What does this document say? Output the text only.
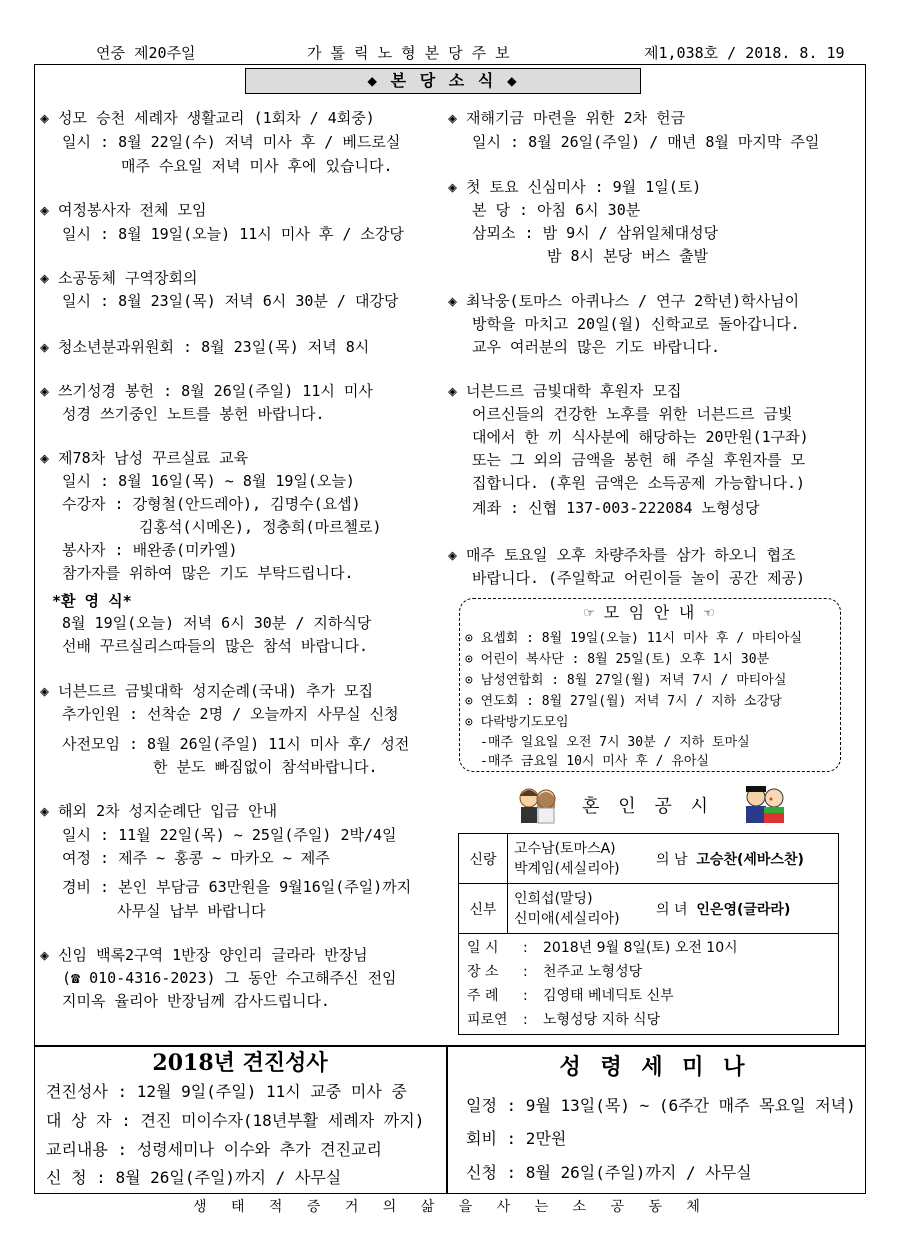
연중 제20주일	가 톨 릭 노 형 본 당 주 보	제1,038호 / 2018. 8. 19
◆ 본 당 소 식 ◆
◈ 성모 승천 세례자 생활교리 (1회차 / 4회중)
일시 : 8월 22일(수) 저녁 미사 후 / 베드로실
매주 수요일 저녁 미사 후에 있습니다.
◈ 여정봉사자 전체 모임
일시 : 8월 19일(오늘) 11시 미사 후 / 소강당
◈ 소공동체 구역장회의
일시 : 8월 23일(목) 저녁 6시 30분 / 대강당
◈ 청소년분과위원회 : 8월 23일(목) 저녁 8시
◈ 쓰기성경 봉헌 : 8월 26일(주일) 11시 미사
성경 쓰기중인 노트를 봉헌 바랍니다.
◈ 제78차 남성 꾸르실료 교육
일시 : 8월 16일(목) ~ 8월 19일(오늘)
수강자 : 강형철(안드레아), 김명수(요셉)
김홍석(시메온), 정충희(마르첼로)
봉사자 : 배완종(미카엘)
참가자를 위하여 많은 기도 부탁드립니다.
*환 영 식*
8월 19일(오늘) 저녁 6시 30분 / 지하식당
선배 꾸르실리스따들의 많은 참석 바랍니다.
◈ 너븐드르 금빛대학 성지순례(국내) 추가 모집
추가인원 : 선착순 2명 / 오늘까지 사무실 신청
사전모임 : 8월 26일(주일) 11시 미사 후/ 성전
한 분도 빠짐없이 참석바랍니다.
◈ 해외 2차 성지순례단 입금 안내
일시 : 11월 22일(목) ~ 25일(주일) 2박/4일
여정 : 제주 ~ 홍콩 ~ 마카오 ~ 제주
경비 : 본인 부담금 63만원을 9월16일(주일)까지
사무실 납부 바랍니다
◈ 신임 백록2구역 1반장 양인리 글라라 반장님
(☎ 010-4316-2023) 그 동안 수고해주신 전임
지미옥 율리아 반장님께 감사드립니다.
◈ 재해기금 마련을 위한 2차 헌금
일시 : 8월 26일(주일) / 매년 8월 마지막 주일
◈ 첫 토요 신심미사 : 9월 1일(토)
본 당 : 아침 6시 30분
삼뫼소 : 밤 9시 / 삼위일체대성당
밤 8시 본당 버스 출발
◈ 최낙웅(토마스 아퀴나스 / 연구 2학년)학사님이
방학을 마치고 20일(월) 신학교로 돌아갑니다.
교우 여러분의 많은 기도 바랍니다.
◈ 너븐드르 금빛대학 후원자 모집
어르신들의 건강한 노후를 위한 너븐드르 금빛
대에서 한 끼 식사분에 해당하는 20만원(1구좌)
또는 그 외의 금액을 봉헌 해 주실 후원자를 모
집합니다. (후원 금액은 소득공제 가능합니다.)
계좌 : 신협 137-003-222084 노형성당
◈ 매주 토요일 오후 차량주차를 삼가 하오니 협조
바랍니다. (주일학교 어린이들 놀이 공간 제공)
☞ 모 임 안 내 ☜
⊙ 요셉회 : 8월 19일(오늘) 11시 미사 후 / 마티아실
⊙ 어린이 복사단 : 8월 25일(토) 오후 1시 30분
⊙ 남성연합회 : 8월 27일(월) 저녁 7시 / 마티아실
⊙ 연도회 : 8월 27일(월) 저녁 7시 / 지하 소강당
⊙ 다락방기도모임
-매주 일요일 오전 7시 30분 / 지하 토마실
-매주 금요일 10시 미사 후 / 유아실
혼 인 공 시
신랑	고수남(토마스A)
박계임(세실리아)	의 남 고승찬(세바스찬)
신부	인희섭(말딩)
신미애(세실리아)	의 녀 인은영(글라라)

일 시 : 2018년 9월 8일(토) 오전 10시
장 소 : 천주교 노형성당
주 례 : 김영태 베네딕토 신부
피로연 : 노형성당 지하 식당		
2018년 견진성사
견진성사 : 12월 9일(주일) 11시 교중 미사 중
대 상 자 : 견진 미이수자(18년부활 세례자 까지)
교리내용 : 성령세미나 이수와 추가 견진교리
신 청 : 8월 26일(주일)까지 / 사무실
성 령 세 미 나
일정 : 9월 13일(목) ~ (6주간 매주 목요일 저녁)
회비 : 2만원
신청 : 8월 26일(주일)까지 / 사무실
생 태 적 증 거 의 삶 을 사 는 소 공 동 체
